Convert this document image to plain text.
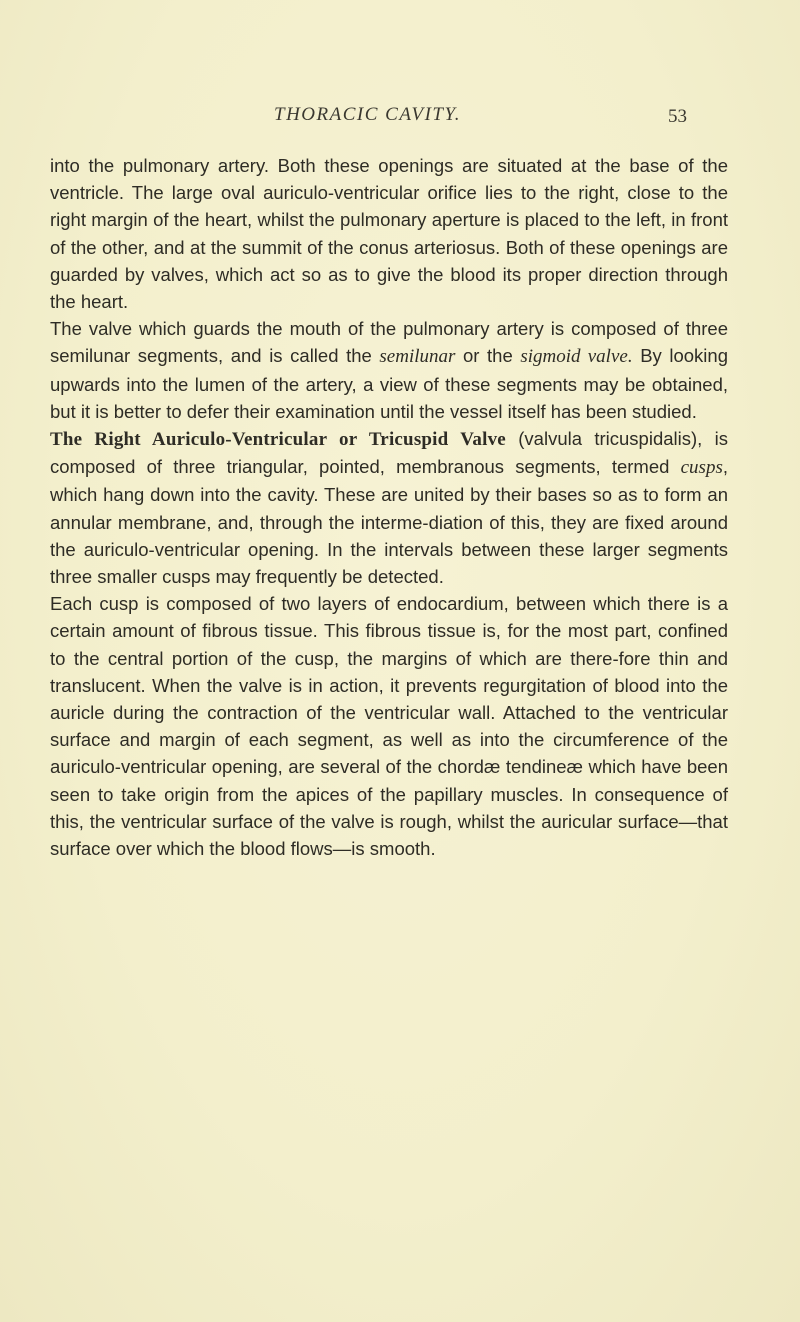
THORACIC CAVITY.	53

into the pulmonary artery. Both these openings are situated at the base of the ventricle. The large oval auriculo-ventricular orifice lies to the right, close to the right margin of the heart, whilst the pulmonary aperture is placed to the left, in front of the other, and at the summit of the conus arteriosus. Both of these openings are guarded by valves, which act so as to give the blood its proper direction through the heart.

The valve which guards the mouth of the pulmonary artery is composed of three semilunar segments, and is called the semilunar or the sigmoid valve. By looking upwards into the lumen of the artery, a view of these segments may be obtained, but it is better to defer their examination until the vessel itself has been studied.

The Right Auriculo-Ventricular or Tricuspid Valve (valvula tricuspidalis), is composed of three triangular, pointed, membranous segments, termed cusps, which hang down into the cavity. These are united by their bases so as to form an annular membrane, and, through the interme-diation of this, they are fixed around the auriculo-ventricular opening. In the intervals between these larger segments three smaller cusps may frequently be detected.

Each cusp is composed of two layers of endocardium, between which there is a certain amount of fibrous tissue. This fibrous tissue is, for the most part, confined to the central portion of the cusp, the margins of which are there-fore thin and translucent. When the valve is in action, it prevents regurgitation of blood into the auricle during the contraction of the ventricular wall. Attached to the ventricular surface and margin of each segment, as well as into the circumference of the auriculo-ventricular opening, are several of the chordæ tendineæ which have been seen to take origin from the apices of the papillary muscles. In consequence of this, the ventricular surface of the valve is rough, whilst the auricular surface—that surface over which the blood flows—is smooth.
